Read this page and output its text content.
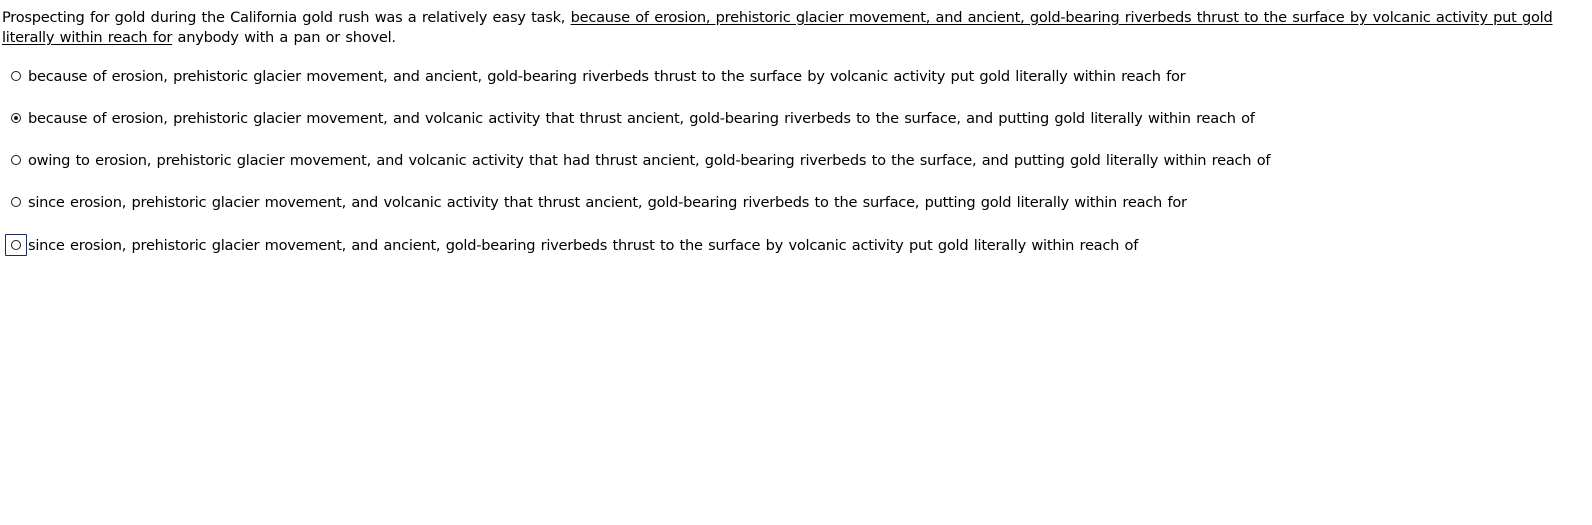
Prospecting for gold during the California gold rush was a relatively easy task, because of erosion, prehistoric glacier movement, and ancient, gold-bearing riverbeds thrust to the surface by volcanic activity put gold literally within reach for anybody with a pan or shovel.

because of erosion, prehistoric glacier movement, and ancient, gold-bearing riverbeds thrust to the surface by volcanic activity put gold literally within reach for
because of erosion, prehistoric glacier movement, and volcanic activity that thrust ancient, gold-bearing riverbeds to the surface, and putting gold literally within reach of
owing to erosion, prehistoric glacier movement, and volcanic activity that had thrust ancient, gold-bearing riverbeds to the surface, and putting gold literally within reach of
since erosion, prehistoric glacier movement, and volcanic activity that thrust ancient, gold-bearing riverbeds to the surface, putting gold literally within reach for
since erosion, prehistoric glacier movement, and ancient, gold-bearing riverbeds thrust to the surface by volcanic activity put gold literally within reach of
